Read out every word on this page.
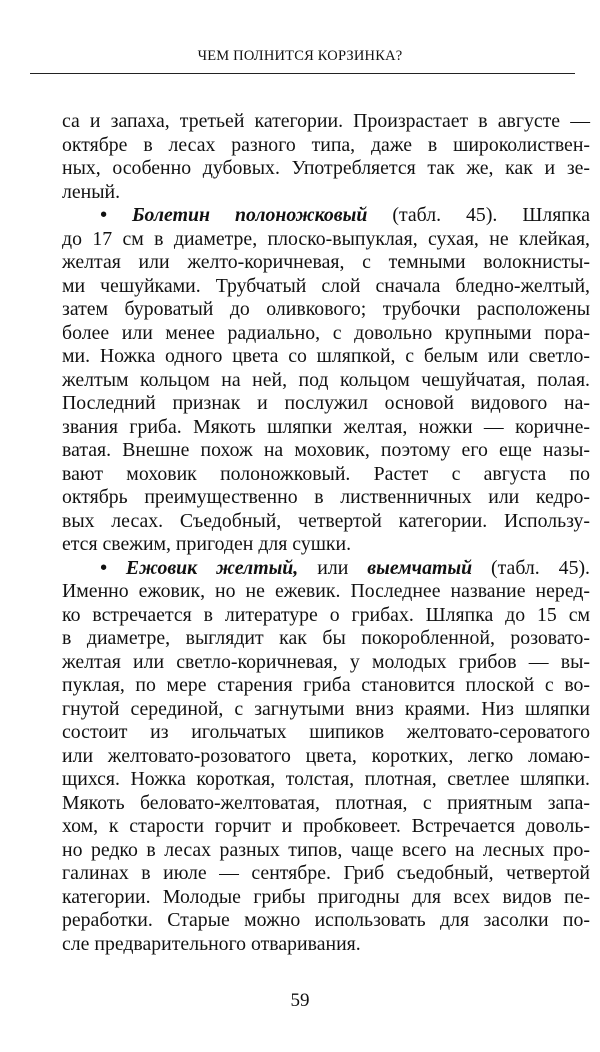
ЧЕМ ПОЛНИТСЯ КОРЗИНКА?
са и запаха, третьей категории. Произрастает в августе —
октябре в лесах разного типа, даже в широколиствен-
ных, особенно дубовых. Употребляется так же, как и зе-
леный.
• Болетин полоножковый (табл. 45). Шляпка
до 17 см в диаметре, плоско-выпуклая, сухая, не клейкая,
желтая или желто-коричневая, с темными волокнисты-
ми чешуйками. Трубчатый слой сначала бледно-желтый,
затем буроватый до оливкового; трубочки расположены
более или менее радиально, с довольно крупными пора-
ми. Ножка одного цвета со шляпкой, с белым или светло-
желтым кольцом на ней, под кольцом чешуйчатая, полая.
Последний признак и послужил основой видового на-
звания гриба. Мякоть шляпки желтая, ножки — коричне-
ватая. Внешне похож на моховик, поэтому его еще назы-
вают моховик полоножковый. Растет с августа по
октябрь преимущественно в лиственничных или кедро-
вых лесах. Съедобный, четвертой категории. Использу-
ется свежим, пригоден для сушки.
• Ежовик желтый, или выемчатый (табл. 45).
Именно ежовик, но не ежевик. Последнее название неред-
ко встречается в литературе о грибах. Шляпка до 15 см
в диаметре, выглядит как бы покоробленной, розовато-
желтая или светло-коричневая, у молодых грибов — вы-
пуклая, по мере старения гриба становится плоской с во-
гнутой серединой, с загнутыми вниз краями. Низ шляпки
состоит из игольчатых шипиков желтовато-сероватого
или желтовато-розоватого цвета, коротких, легко ломаю-
щихся. Ножка короткая, толстая, плотная, светлее шляпки.
Мякоть беловато-желтоватая, плотная, с приятным запа-
хом, к старости горчит и пробковеет. Встречается доволь-
но редко в лесах разных типов, чаще всего на лесных про-
галинах в июле — сентябре. Гриб съедобный, четвертой
категории. Молодые грибы пригодны для всех видов пе-
реработки. Старые можно использовать для засолки по-
сле предварительного отваривания.
59
